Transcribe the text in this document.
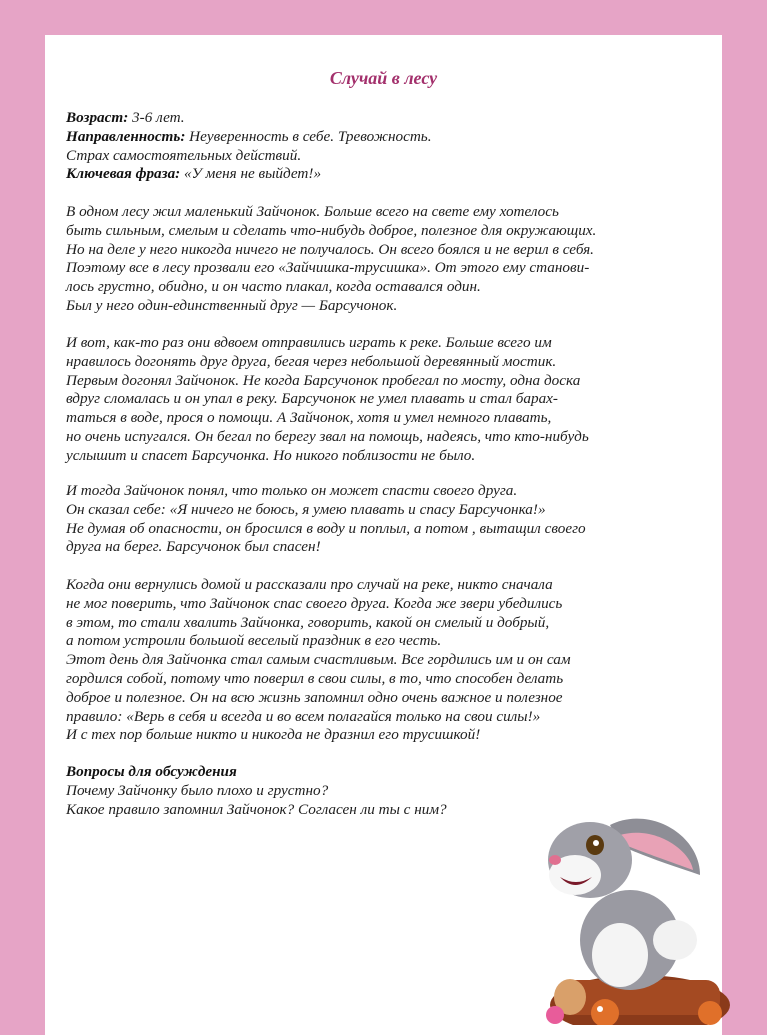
Случай в лесу
Возраст: 3-6 лет.
Направленность: Неуверенность в себе. Тревожность.
Страх самостоятельных действий.
Ключевая фраза: «У меня не выйдет!»
В одном лесу жил маленький Зайчонок. Больше всего на свете ему хотелось
быть сильным, смелым и сделать что-нибудь доброе, полезное для окружающих.
Но на деле у него никогда ничего не получалось. Он всего боялся и не верил в себя.
Поэтому все в лесу прозвали его «Зайчишка-трусишка». От этого ему станови-
лось грустно, обидно, и он часто плакал, когда оставался один.
Был у него один-единственный друг — Барсучонок.
И вот, как-то раз они вдвоем отправились играть к реке. Больше всего им
нравилось догонять друг друга, бегая через небольшой деревянный мостик.
Первым догонял Зайчонок. Не когда Барсучонок пробегал по мосту, одна доска
вдруг сломалась и он упал в реку. Барсучонок не умел плавать и стал барах-
таться в воде, прося о помощи. А Зайчонок, хотя и умел немного плавать,
но очень испугался. Он бегал по берегу звал на помощь, надеясь, что кто-нибудь
услышит и спасет Барсучонка. Но никого поблизости не было.
И тогда Зайчонок понял, что только он может спасти своего друга.
Он сказал себе: «Я ничего не боюсь, я умею плавать и спасу Барсучонка!»
Не думая об опасности, он бросился в воду и поплыл, а потом , вытащил своего
друга на берег. Барсучонок был спасен!
Когда они вернулись домой и рассказали про случай на реке, никто сначала
не мог поверить, что Зайчонок спас своего друга. Когда же звери убедились
в этом, то стали хвалить Зайчонка, говорить, какой он смелый и добрый,
а потом устроили большой веселый праздник в его честь.
Этот день для Зайчонка стал самым счастливым. Все гордились им и он сам
гордился собой, потому что поверил в свои силы, в то, что способен делать
доброе и полезное. Он на всю жизнь запомнил одно очень важное и полезное
правило: «Верь в себя и всегда и во всем полагайся только на свои силы!»
И с тех пор больше никто и никогда не дразнил его трусишкой!
Вопросы для обсуждения
Почему Зайчонку было плохо и грустно?
Какое правило запомнил Зайчонок? Согласен ли ты с ним?
